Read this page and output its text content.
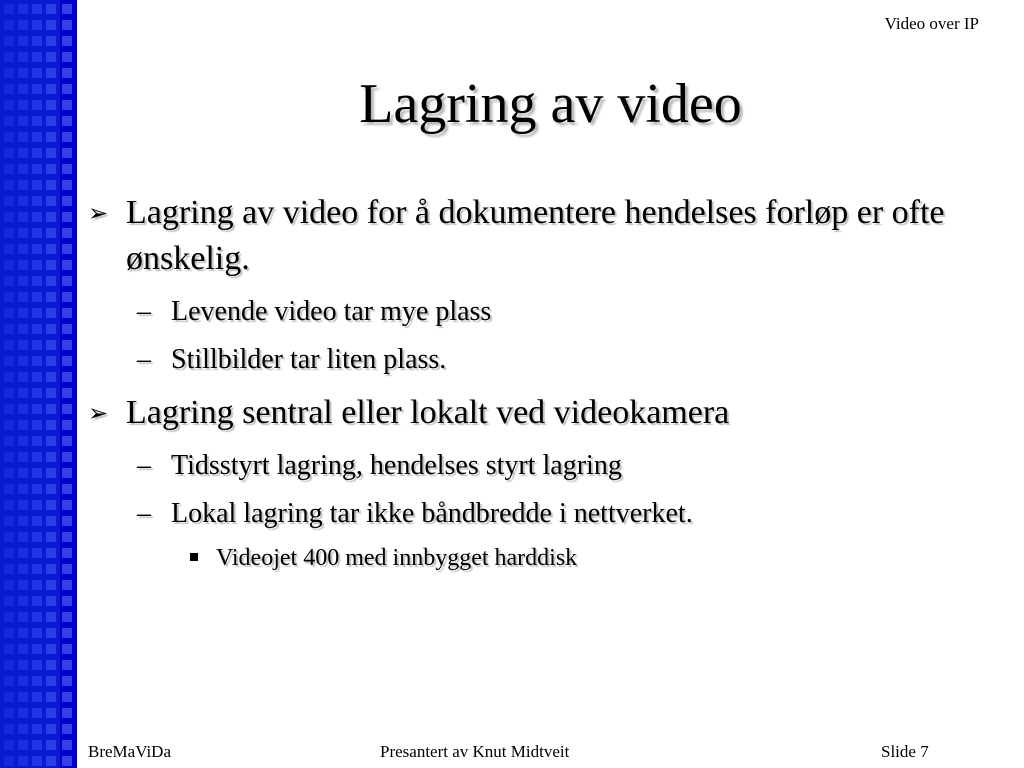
Video over IP
Lagring av video
➢ Lagring av video for å dokumentere hendelses forløp er ofte ønskelig.
– Levende video tar mye plass
– Stillbilder tar liten plass.
➢ Lagring sentral eller lokalt ved videokamera
– Tidsstyrt lagring, hendelses styrt lagring
– Lokal lagring tar ikke båndbredde i nettverket.
Videojet 400 med innbygget harddisk
BreMaViDa	Presantert av Knut Midtveit	Slide 7
